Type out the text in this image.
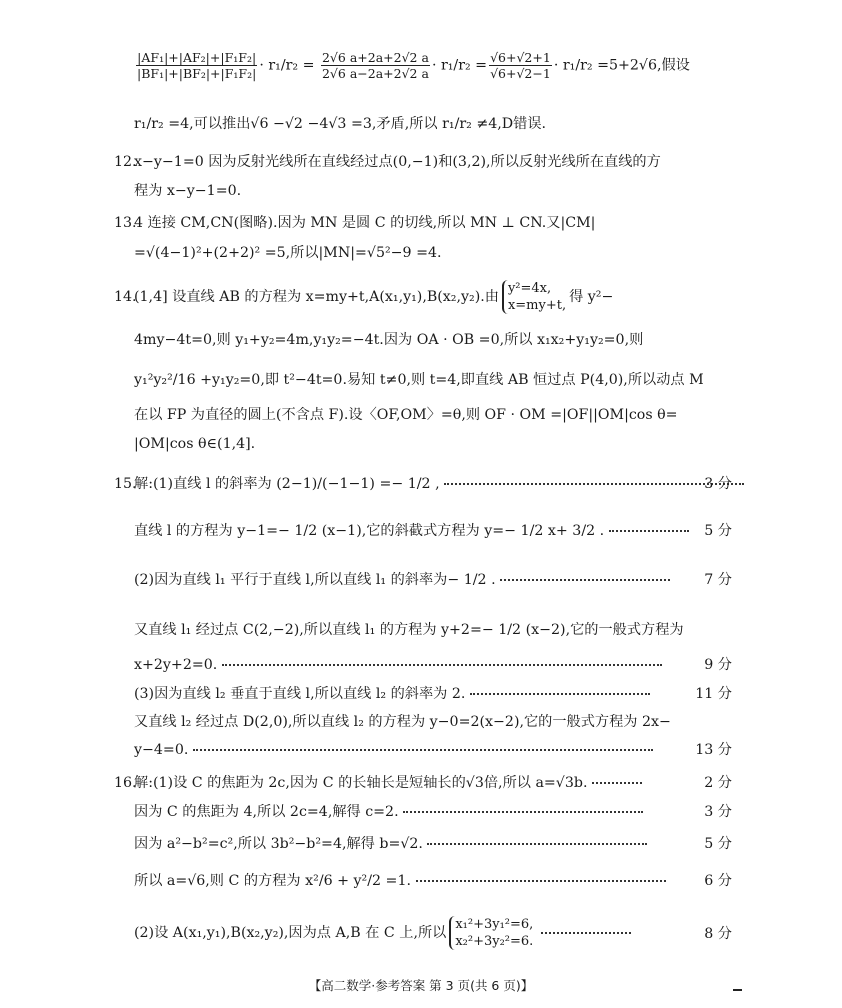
$\frac{\text{|AF₁|+|AF₂|+|F₁F₂|}}{\text{|BF₁|+|BF₂|+|F₁F₂|}} \cdot r_1/r_2 = \frac{2√6 a+2a+2√2 a}{2√6 a-2a+2√2 a} \cdot r_1/r_2 = \frac{√6+√2+1}{√6+√2-1} \cdot r_1/r_2 =5+2√6$,假设
r₁/r₂ =4,可以推出√6 −√2 −4√3 =3,矛盾,所以 r₁/r₂ ≠4,D错误.
12.
x−y−1=0 因为反射光线所在直线经过点(0,−1)和(3,2),所以反射光线所在直线的方
程为 x−y−1=0.
13.
4 连接 CM,CN(图略).因为 MN 是圆 C 的切线,所以 MN ⊥ CN.又|CM|
=√(4−1)²+(2+2)² =5,所以|MN|=√5²−9 =4.
14.
(1,4] 设直线 AB 的方程为 x=my+t,A(x₁,y₁),B(x₂,y₂).由
y²=4x,
x=my+t,
得 y²−
4my−4t=0,则 y₁+y₂=4m,y₁y₂=−4t.因为 OA · OB =0,所以 x₁x₂+y₁y₂=0,则
y₁²y₂²/16 +y₁y₂=0,即 t²−4t=0.易知 t≠0,则 t=4,即直线 AB 恒过点 P(4,0),所以动点 M
在以 FP 为直径的圆上(不含点 F).设〈OF,OM〉=θ,则 OF · OM =|OF||OM|cos θ=
|OM|cos θ∈(1,4].
15.
解:(1)直线 l 的斜率为 (2−1)/(−1−1) =− 1/2 ,	3 分
直线 l 的方程为 y−1=− 1/2 (x−1),它的斜截式方程为 y=− 1/2 x+ 3/2 .	5 分
(2)因为直线 l₁ 平行于直线 l,所以直线 l₁ 的斜率为− 1/2 .	7 分
又直线 l₁ 经过点 C(2,−2),所以直线 l₁ 的方程为 y+2=− 1/2 (x−2),它的一般式方程为
x+2y+2=0.	9 分
(3)因为直线 l₂ 垂直于直线 l,所以直线 l₂ 的斜率为 2.	11 分
又直线 l₂ 经过点 D(2,0),所以直线 l₂ 的方程为 y−0=2(x−2),它的一般式方程为 2x−
y−4=0.	13 分
16.
解:(1)设 C 的焦距为 2c,因为 C 的长轴长是短轴长的√3倍,所以 a=√3b.	2 分
因为 C 的焦距为 4,所以 2c=4,解得 c=2.	3 分
因为 a²−b²=c²,所以 3b²−b²=4,解得 b=√2.	5 分
所以 a=√6,则 C 的方程为 x²/6 + y²/2 =1.	6 分
(2)设 A(x₁,y₁),B(x₂,y₂),因为点 A,B 在 C 上,所以
x₁²+3y₁²=6,
x₂²+3y₂²=6.
	8 分
【高二数学·参考答案 第 3 页(共 6 页)】
